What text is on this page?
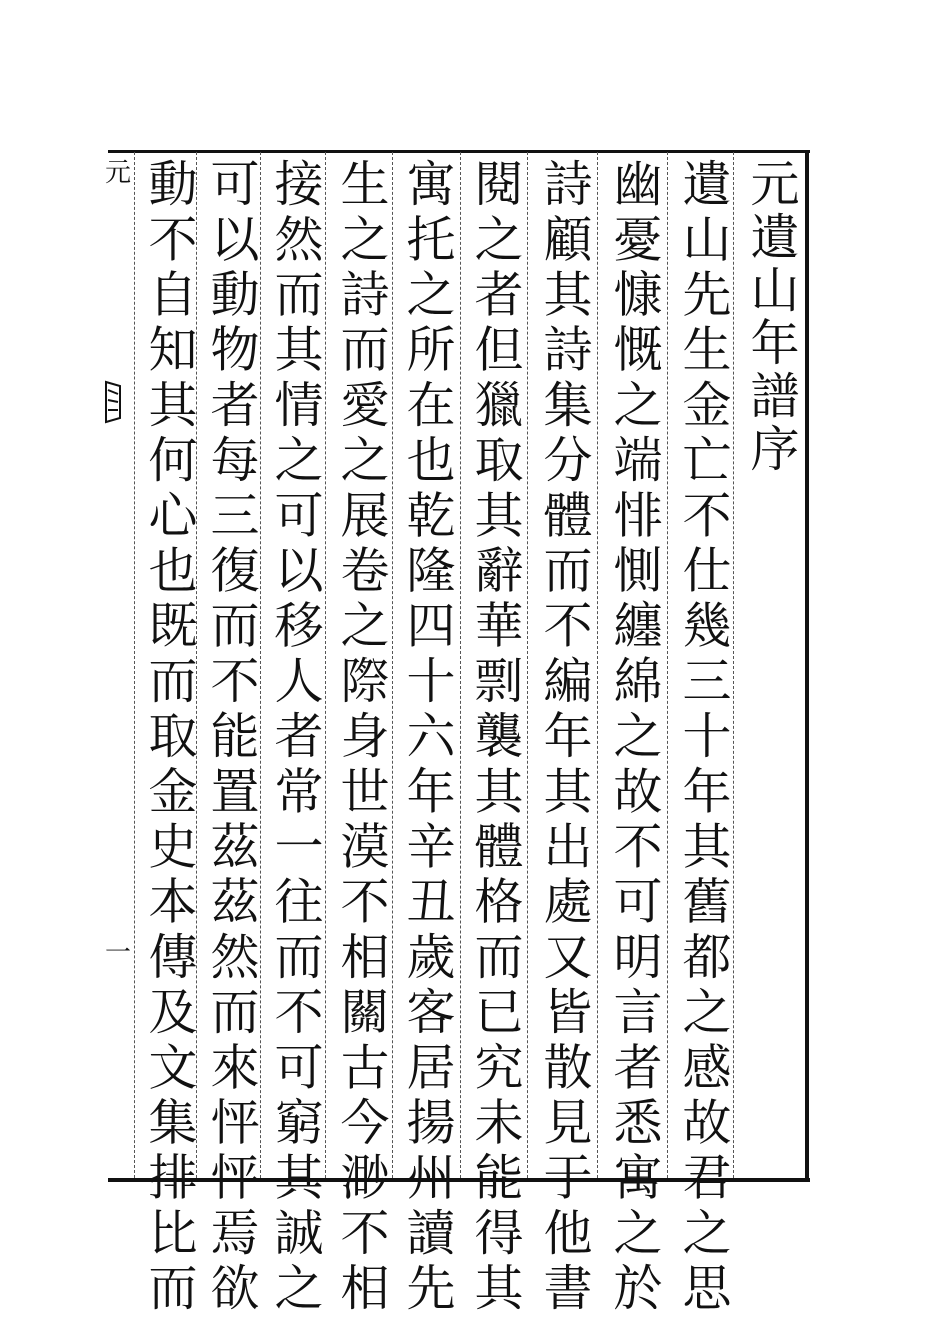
元遺山年譜序
遺山先生金亡不仕幾三十年其舊都之感故君之思
幽憂慷慨之端悱惻纏綿之故不可明言者悉寓之於
詩顧其詩集分體而不編年其出處又皆散見于他書
閱之者但獵取其辭華剽襲其體格而已究未能得其
寓托之所在也乾隆四十六年辛丑歲客居揚州讀先
生之詩而愛之展卷之際身世漠不相關古今渺不相
接然而其情之可以移人者常一往而不可窮其誠之
可以動物者每三復而不能置茲茲然而來怦怦焉欲
動不自知其何心也既而取金史本傳及文集排比而
元
一
